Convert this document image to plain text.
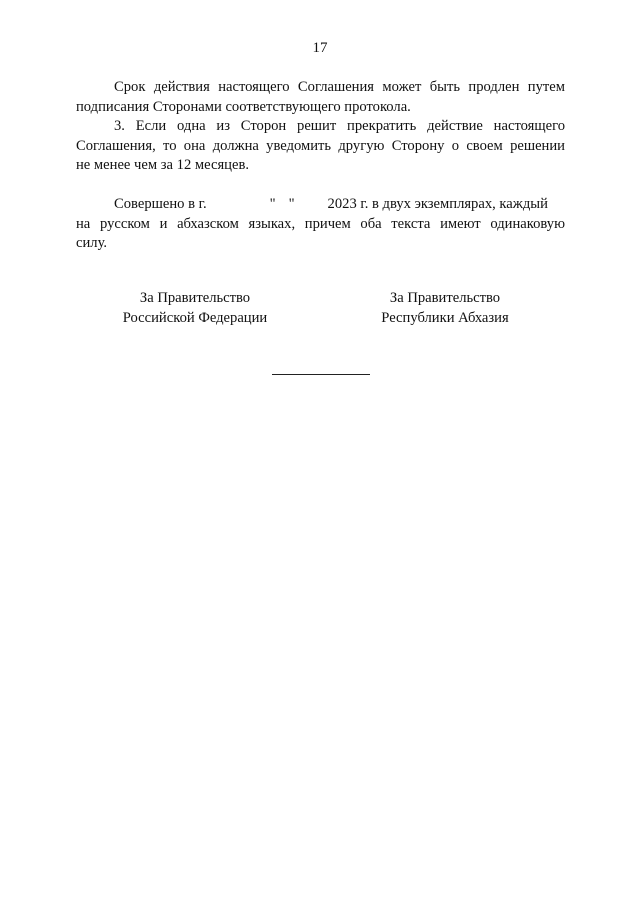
17
Срок действия настоящего Соглашения может быть продлен путем
подписания Сторонами соответствующего протокола.
3. Если одна из Сторон решит прекратить действие настоящего
Соглашения, то она должна уведомить другую Сторону о своем решении
не менее чем за 12 месяцев.
Совершено в г.	" " 2023 г. в двух экземплярах, каждый
на русском и абхазском языках, причем оба текста имеют одинаковую
силу.
За Правительство
Российской Федерации
За Правительство
Республики Абхазия
